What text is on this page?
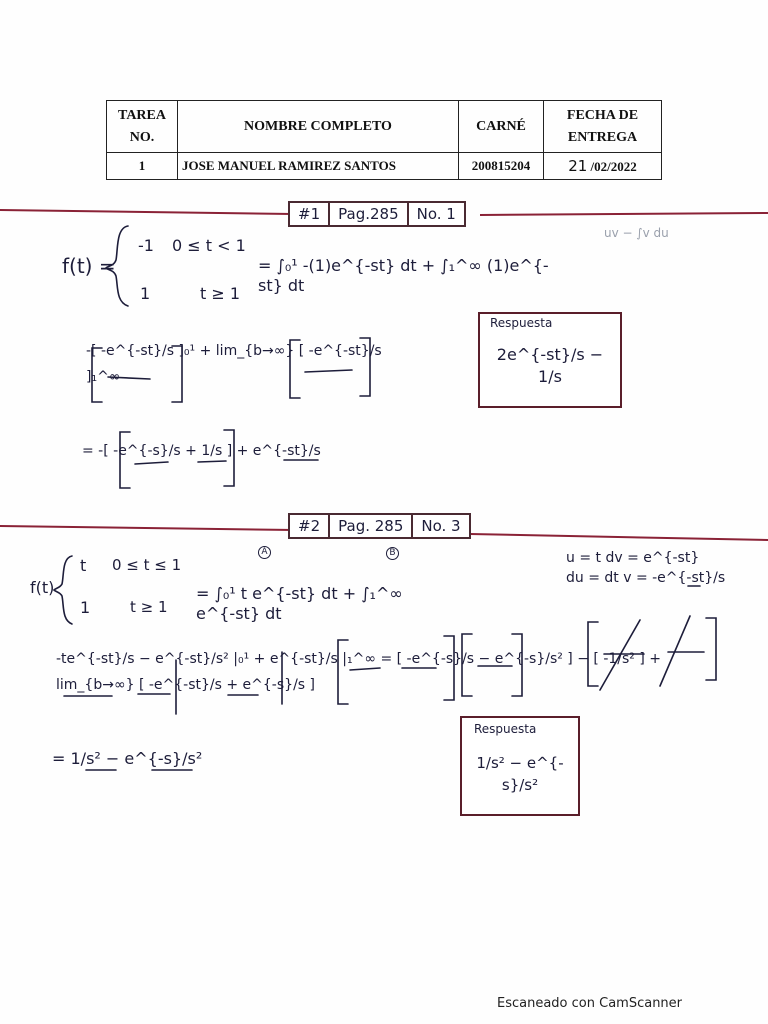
TAREA NO.	NOMBRE COMPLETO	CARNÉ	FECHA DE ENTREGA
1	JOSE MANUEL RAMIREZ SANTOS	200815204	21 /02/2022
#1	Pag.285	No. 1
f(t) =
-1 0 ≤ t < 1
1	t ≥ 1
= ∫₀¹ -(1)e^{-st} dt + ∫₁^∞ (1)e^{-st} dt
uv − ∫v du
-[ -e^{-st}/s ]₀¹ + lim_{b→∞} [ -e^{-st}/s ]₁^∞
= -[ -e^{-s}/s + 1/s ] + e^{-st}/s
Respuesta
2e^{-st}/s − 1/s
#2	Pag. 285	No. 3
f(t)
t 0 ≤ t ≤ 1
1	t ≥ 1
= ∫₀¹ t e^{-st} dt + ∫₁^∞ e^{-st} dt
A	B	u = t dv = e^{-st}
du = dt v = -e^{-st}/s
-te^{-st}/s − e^{-st}/s² |₀¹ + e^{-st}/s |₁^∞ = [ -e^{-s}/s − e^{-s}/s² ] − [ -1/s² ] + lim_{b→∞} [ -e^{-st}/s + e^{-s}/s ]
= 1/s² − e^{-s}/s²
Respuesta
1/s² − e^{-s}/s²
Escaneado con CamScanner
